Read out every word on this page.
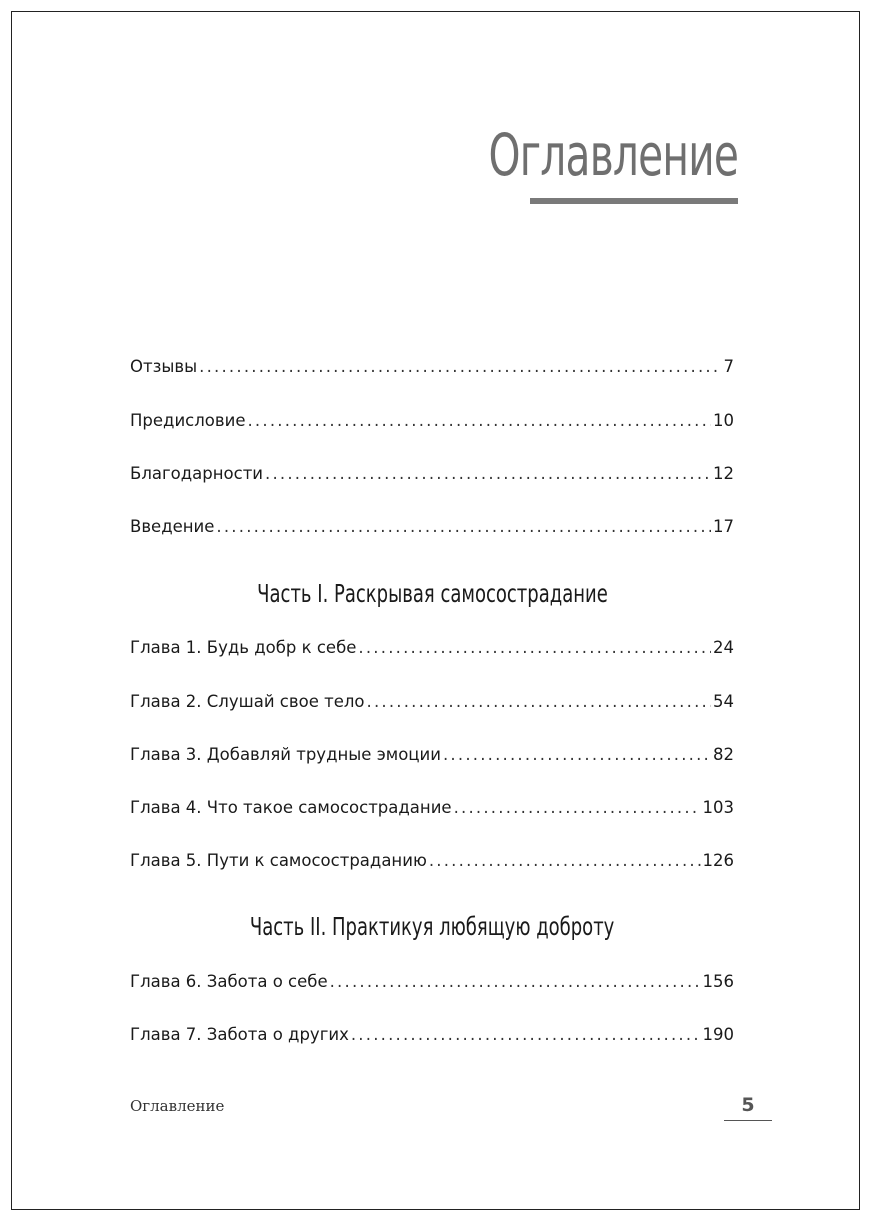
Оглавление
Отзывы .....	7
Предисловие .....	10
Благодарности .....	12
Введение .....	17
Часть I. Раскрывая самосострадание
Глава 1. Будь добр к себе .....	24
Глава 2. Слушай свое тело .....	54
Глава 3. Добавляй трудные эмоции .....	82
Глава 4. Что такое самосострадание .....	103
Глава 5. Пути к самосостраданию .....	126
Часть II. Практикуя любящую доброту
Глава 6. Забота о себе .....	156
Глава 7. Забота о других .....	190
Оглавление	5
